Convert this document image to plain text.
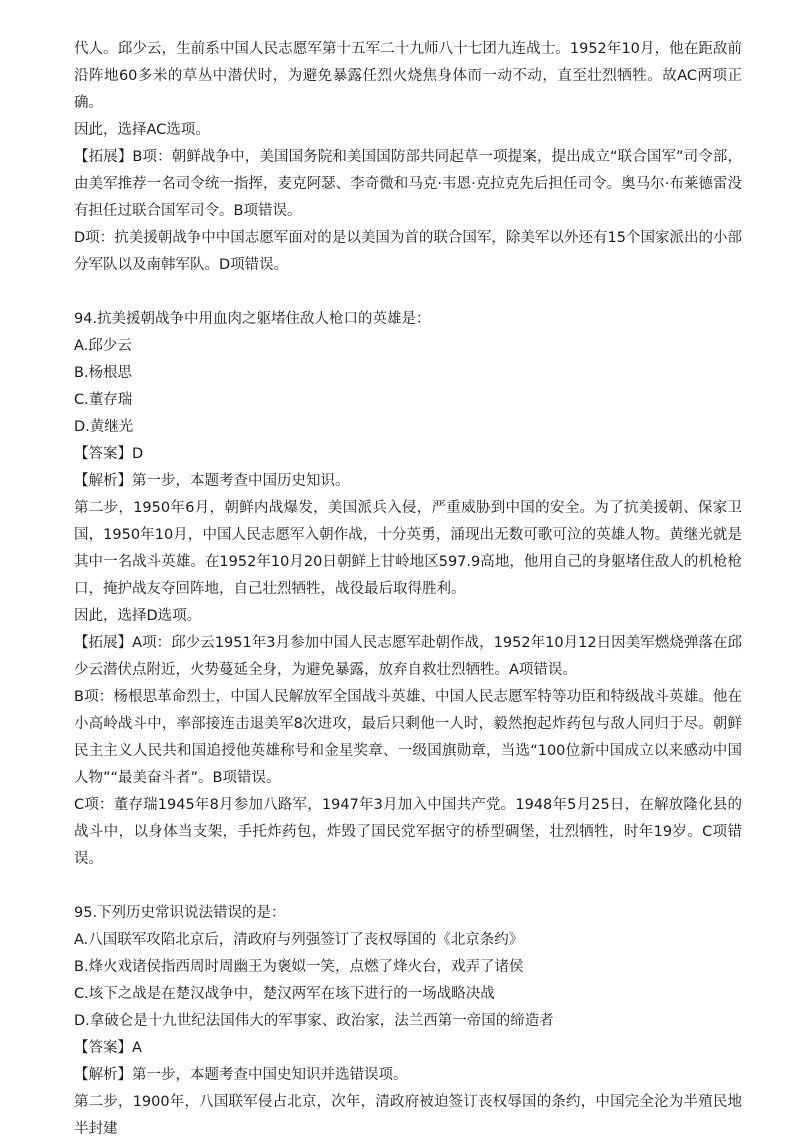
代人。邱少云，生前系中国人民志愿军第十五军二十九师八十七团九连战士。1952年10月，他在距敌前沿阵地60多米的草丛中潜伏时，为避免暴露任烈火烧焦身体而一动不动，直至壮烈牺牲。故AC两项正确。

因此，选择AC选项。

【拓展】B项：朝鲜战争中，美国国务院和美国国防部共同起草一项提案，提出成立“联合国军”司令部，由美军推荐一名司令统一指挥，麦克阿瑟、李奇微和马克·韦恩·克拉克先后担任司令。奥马尔·布莱德雷没有担任过联合国军司令。B项错误。

D项：抗美援朝战争中中国志愿军面对的是以美国为首的联合国军，除美军以外还有15个国家派出的小部分军队以及南韩军队。D项错误。

94.抗美援朝战争中用血肉之躯堵住敌人枪口的英雄是：

A.邱少云

B.杨根思

C.董存瑞

D.黄继光

【答案】D

【解析】第一步，本题考查中国历史知识。

第二步，1950年6月，朝鲜内战爆发，美国派兵入侵，严重威胁到中国的安全。为了抗美援朝、保家卫国，1950年10月，中国人民志愿军入朝作战，十分英勇，涌现出无数可歌可泣的英雄人物。黄继光就是其中一名战斗英雄。在1952年10月20日朝鲜上甘岭地区597.9高地，他用自己的身躯堵住敌人的机枪枪口，掩护战友夺回阵地，自己壮烈牺牲，战役最后取得胜利。

因此，选择D选项。

【拓展】A项：邱少云1951年3月参加中国人民志愿军赴朝作战，1952年10月12日因美军燃烧弹落在邱少云潜伏点附近，火势蔓延全身，为避免暴露，放弃自救壮烈牺牲。A项错误。

B项：杨根思革命烈士，中国人民解放军全国战斗英雄、中国人民志愿军特等功臣和特级战斗英雄。他在小高岭战斗中，率部接连击退美军8次进攻，最后只剩他一人时，毅然抱起炸药包与敌人同归于尽。朝鲜民主主义人民共和国追授他英雄称号和金星奖章、一级国旗勋章，当选“100位新中国成立以来感动中国人物”“最美奋斗者”。B项错误。

C项：董存瑞1945年8月参加八路军，1947年3月加入中国共产党。1948年5月25日，在解放隆化县的战斗中，以身体当支架，手托炸药包，炸毁了国民党军据守的桥型碉堡，壮烈牺牲，时年19岁。C项错误。

95.下列历史常识说法错误的是：

A.八国联军攻陷北京后，清政府与列强签订了丧权辱国的《北京条约》

B.烽火戏诸侯指西周时周幽王为褒姒一笑，点燃了烽火台，戏弄了诸侯

C.垓下之战是在楚汉战争中，楚汉两军在垓下进行的一场战略决战

D.拿破仑是十九世纪法国伟大的军事家、政治家，法兰西第一帝国的缔造者

【答案】A

【解析】第一步，本题考查中国史知识并选错误项。

第二步，1900年，八国联军侵占北京，次年，清政府被迫签订丧权辱国的条约，中国完全沦为半殖民地半封建
